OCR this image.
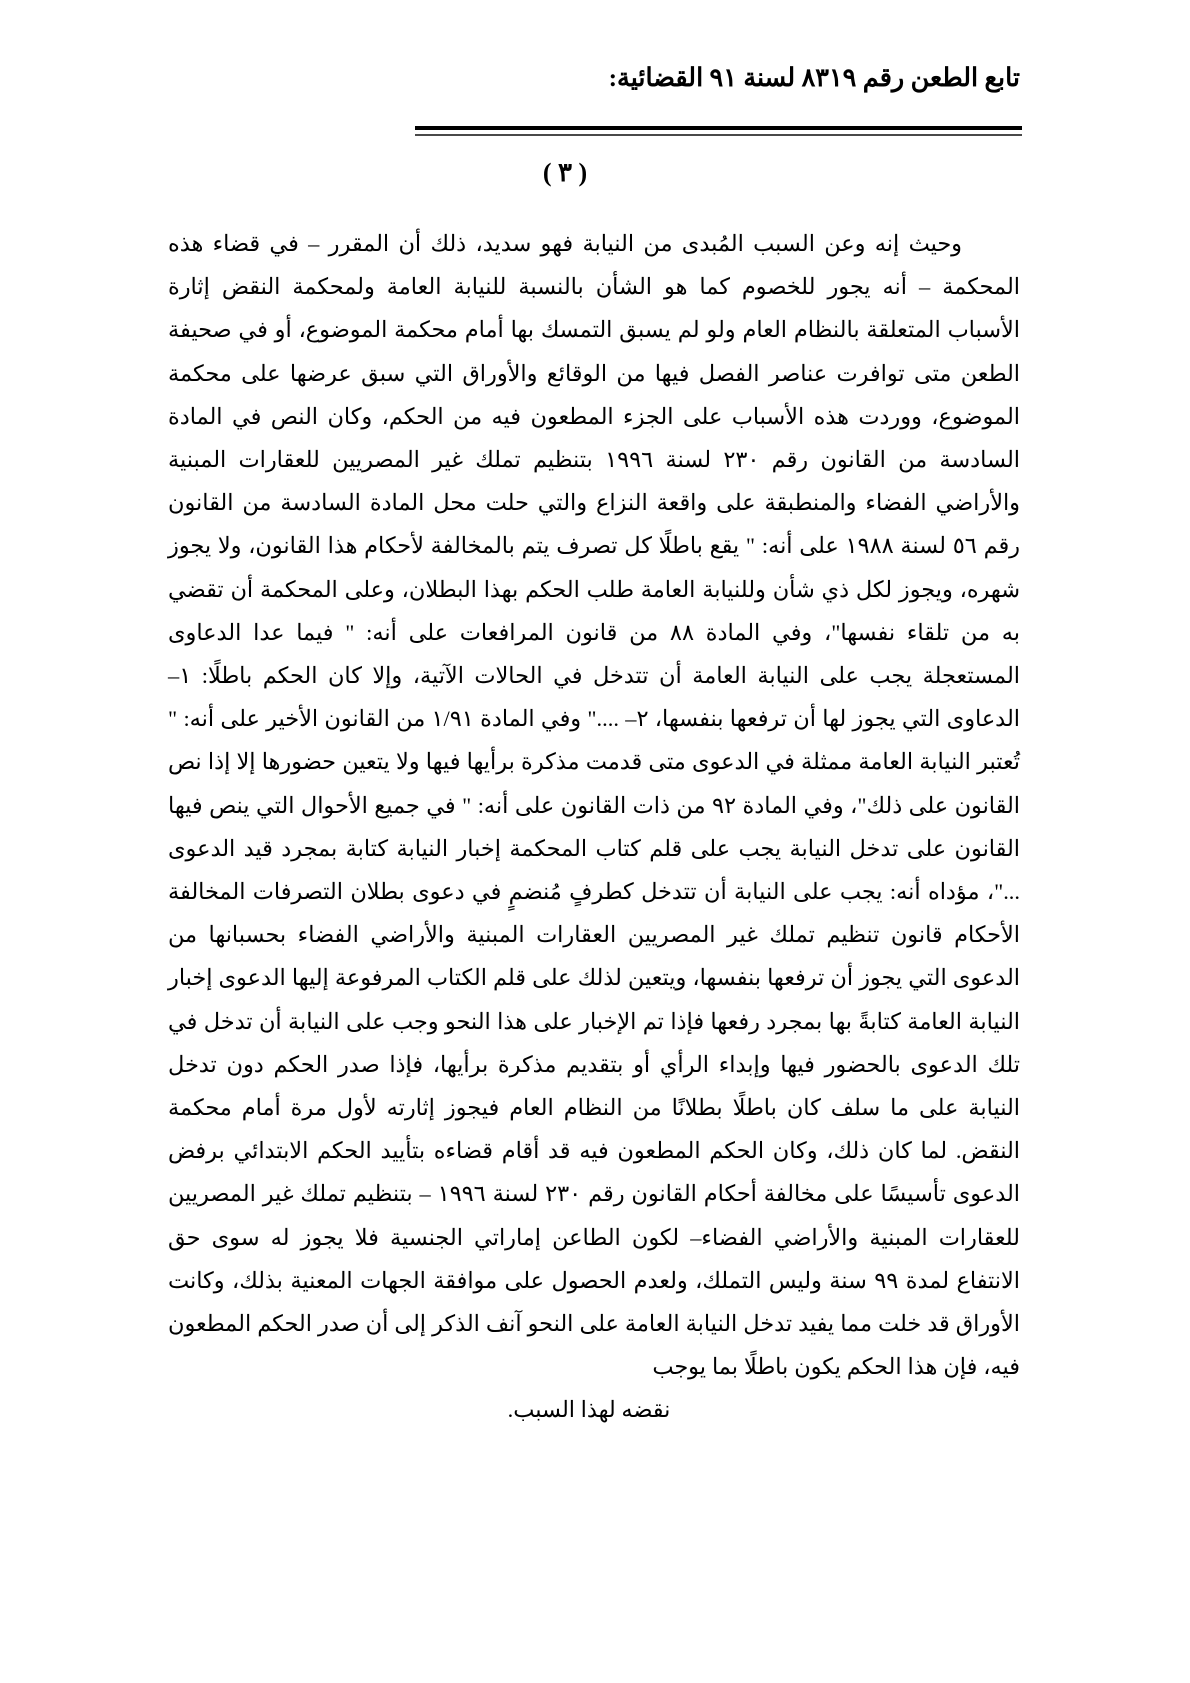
تابع الطعن رقم ٨٣١٩ لسنة ٩١ القضائية:
( ٣ )

وحيث إنه وعن السبب المُبدى من النيابة فهو سديد، ذلك أن المقرر – في قضاء هذه المحكمة – أنه يجور للخصوم كما هو الشأن بالنسبة للنيابة العامة ولمحكمة النقض إثارة الأسباب المتعلقة بالنظام العام ولو لم يسبق التمسك بها أمام محكمة الموضوع، أو في صحيفة الطعن متى توافرت عناصر الفصل فيها من الوقائع والأوراق التي سبق عرضها على محكمة الموضوع، ووردت هذه الأسباب على الجزء المطعون فيه من الحكم، وكان النص في المادة السادسة من القانون رقم ٢٣٠ لسنة ١٩٩٦ بتنظيم تملك غير المصريين للعقارات المبنية والأراضي الفضاء والمنطبقة على واقعة النزاع والتي حلت محل المادة السادسة من القانون رقم ٥٦ لسنة ١٩٨٨ على أنه: " يقع باطلًا كل تصرف يتم بالمخالفة لأحكام هذا القانون، ولا يجوز شهره، ويجوز لكل ذي شأن وللنيابة العامة طلب الحكم بهذا البطلان، وعلى المحكمة أن تقضي به من تلقاء نفسها"، وفي المادة ٨٨ من قانون المرافعات على أنه: " فيما عدا الدعاوى المستعجلة يجب على النيابة العامة أن تتدخل في الحالات الآتية، وإلا كان الحكم باطلًا: ١– الدعاوى التي يجوز لها أن ترفعها بنفسها، ٢– ...." وفي المادة ١/٩١ من القانون الأخير على أنه: " تُعتبر النيابة العامة ممثلة في الدعوى متى قدمت مذكرة برأيها فيها ولا يتعين حضورها إلا إذا نص القانون على ذلك"، وفي المادة ٩٢ من ذات القانون على أنه: " في جميع الأحوال التي ينص فيها القانون على تدخل النيابة يجب على قلم كتاب المحكمة إخبار النيابة كتابة بمجرد قيد الدعوى ..."، مؤداه أنه: يجب على النيابة أن تتدخل كطرفٍ مُنضمٍ في دعوى بطلان التصرفات المخالفة الأحكام قانون تنظيم تملك غير المصريين العقارات المبنية والأراضي الفضاء بحسبانها من الدعوى التي يجوز أن ترفعها بنفسها، ويتعين لذلك على قلم الكتاب المرفوعة إليها الدعوى إخبار النيابة العامة كتابةً بها بمجرد رفعها فإذا تم الإخبار على هذا النحو وجب على النيابة أن تدخل في تلك الدعوى بالحضور فيها وإبداء الرأي أو بتقديم مذكرة برأيها، فإذا صدر الحكم دون تدخل النيابة على ما سلف كان باطلًا بطلانًا من النظام العام فيجوز إثارته لأول مرة أمام محكمة النقض. لما كان ذلك، وكان الحكم المطعون فيه قد أقام قضاءه بتأييد الحكم الابتدائي برفض الدعوى تأسيسًا على مخالفة أحكام القانون رقم ٢٣٠ لسنة ١٩٩٦ – بتنظيم تملك غير المصريين للعقارات المبنية والأراضي الفضاء– لكون الطاعن إماراتي الجنسية فلا يجوز له سوى حق الانتفاع لمدة ٩٩ سنة وليس التملك، ولعدم الحصول على موافقة الجهات المعنية بذلك، وكانت الأوراق قد خلت مما يفيد تدخل النيابة العامة على النحو آنف الذكر إلى أن صدر الحكم المطعون فيه، فإن هذا الحكم يكون باطلًا بما يوجب

نقضه لهذا السبب.
